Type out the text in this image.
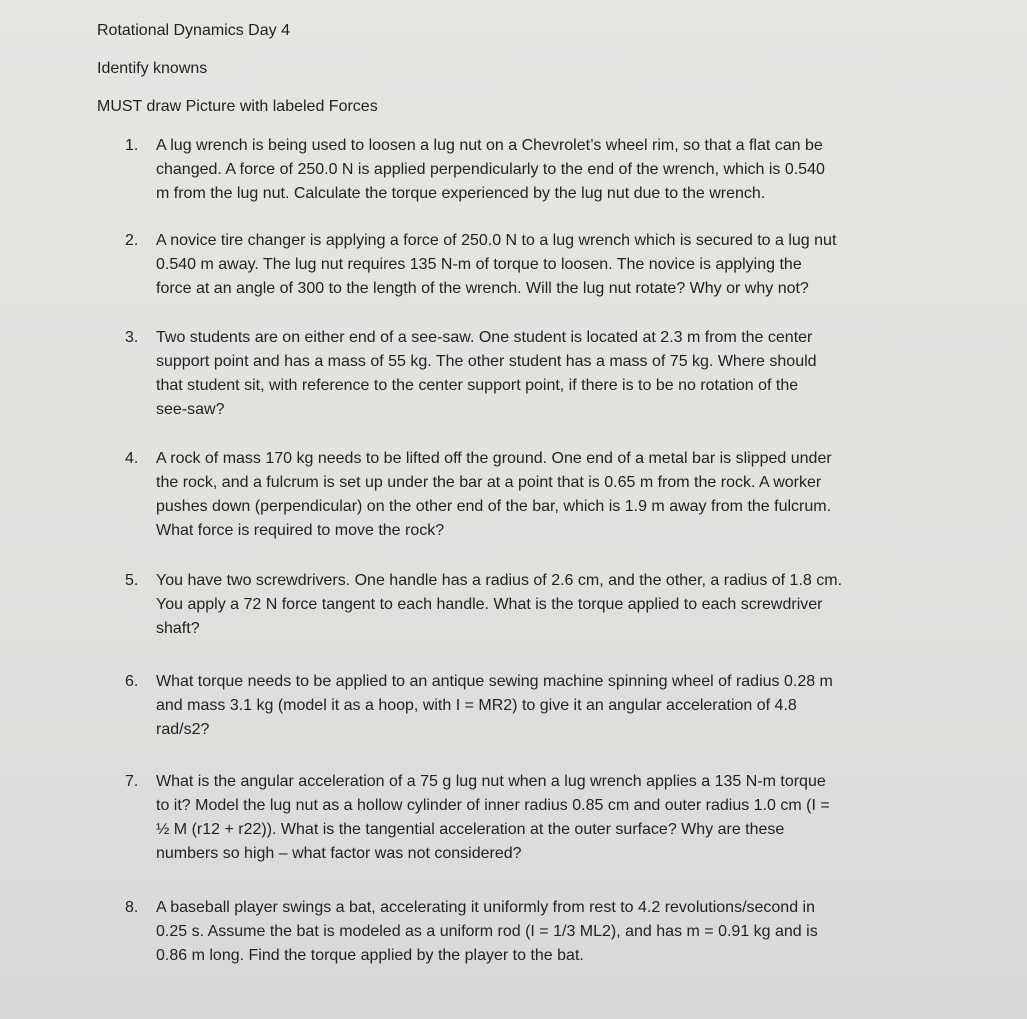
Rotational Dynamics Day 4
Identify knowns
MUST draw Picture with labeled Forces
1. A lug wrench is being used to loosen a lug nut on a Chevrolet’s wheel rim, so that a flat can be
changed. A force of 250.0 N is applied perpendicularly to the end of the wrench, which is 0.540
m from the lug nut. Calculate the torque experienced by the lug nut due to the wrench.
2. A novice tire changer is applying a force of 250.0 N to a lug wrench which is secured to a lug nut
0.540 m away. The lug nut requires 135 N-m of torque to loosen. The novice is applying the
force at an angle of 300 to the length of the wrench. Will the lug nut rotate? Why or why not?
3. Two students are on either end of a see-saw. One student is located at 2.3 m from the center
support point and has a mass of 55 kg. The other student has a mass of 75 kg. Where should
that student sit, with reference to the center support point, if there is to be no rotation of the
see-saw?
4. A rock of mass 170 kg needs to be lifted off the ground. One end of a metal bar is slipped under
the rock, and a fulcrum is set up under the bar at a point that is 0.65 m from the rock. A worker
pushes down (perpendicular) on the other end of the bar, which is 1.9 m away from the fulcrum.
What force is required to move the rock?
5. You have two screwdrivers. One handle has a radius of 2.6 cm, and the other, a radius of 1.8 cm.
You apply a 72 N force tangent to each handle. What is the torque applied to each screwdriver
shaft?
6. What torque needs to be applied to an antique sewing machine spinning wheel of radius 0.28 m
and mass 3.1 kg (model it as a hoop, with I = MR2) to give it an angular acceleration of 4.8
rad/s2?
7. What is the angular acceleration of a 75 g lug nut when a lug wrench applies a 135 N-m torque
to it? Model the lug nut as a hollow cylinder of inner radius 0.85 cm and outer radius 1.0 cm (I =
½ M (r12 + r22)). What is the tangential acceleration at the outer surface? Why are these
numbers so high – what factor was not considered?
8. A baseball player swings a bat, accelerating it uniformly from rest to 4.2 revolutions/second in
0.25 s. Assume the bat is modeled as a uniform rod (I = 1/3 ML2), and has m = 0.91 kg and is
0.86 m long. Find the torque applied by the player to the bat.
